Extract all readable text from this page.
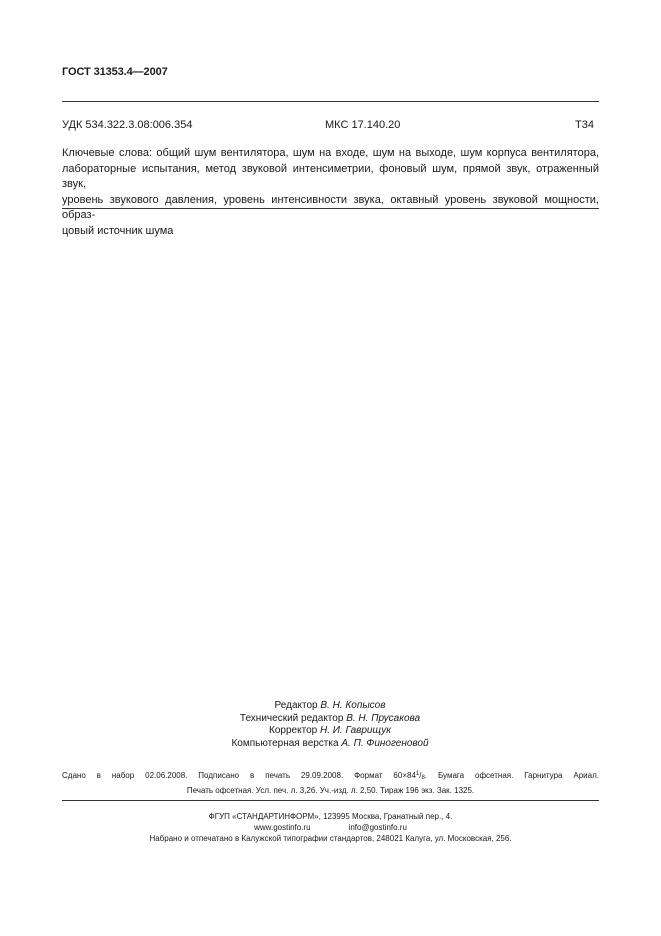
ГОСТ 31353.4—2007
УДК 534.322.3.08:006.354	МКС 17.140.20	Т34
Ключевые слова: общий шум вентилятора, шум на входе, шум на выходе, шум корпуса вентилятора,
лабораторные испытания, метод звуковой интенсиметрии, фоновый шум, прямой звук, отраженный звук,
уровень звукового давления, уровень интенсивности звука, октавный уровень звуковой мощности, образ-
цовый источник шума
Редактор В. Н. Копысов
Технический редактор В. Н. Прусакова
Корректор Н. И. Гаврищук
Компьютерная верстка А. П. Финогеновой
Сдано в набор 02.06.2008. Подписано в печать 29.09.2008. Формат $60\times 84^1/_8$. Бумага офсетная. Гарнитура Ариал.
Печать офсетная. Усл. печ. л. 3,26. Уч.-изд. л. 2,50. Тираж 196 экз. Зак. 1325.
ФГУП «СТАНДАРТИНФОРМ», 123995 Москва, Гранатный пер., 4.
www.gostinfo.ru	info@gostinfo.ru
Набрано и отпечатано в Калужской типографии стандартов, 248021 Калуга, ул. Московская, 256.
